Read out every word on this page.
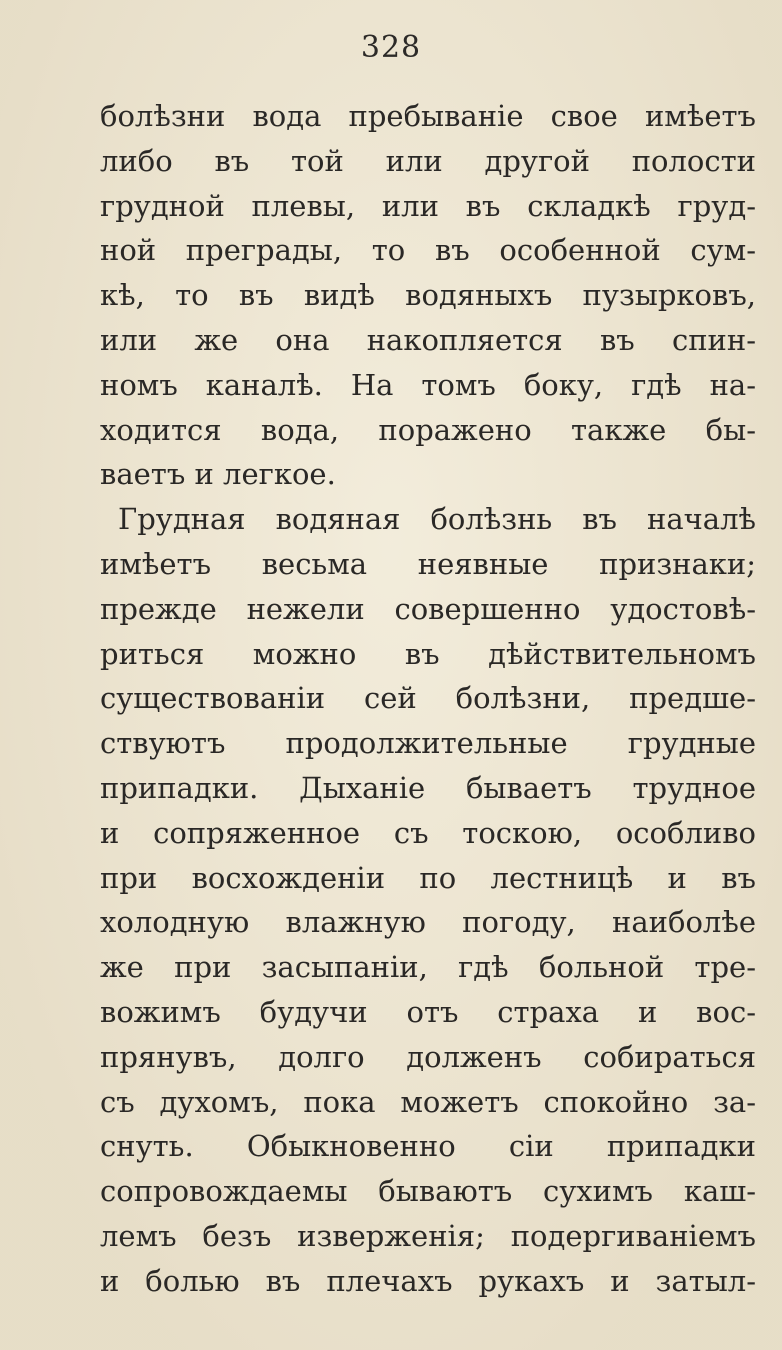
328
болѣзни вода пребыванiе свое имѣетъ
либо въ той или другой полости
грудной плевы, или въ складкѣ груд-
ной преграды, то въ особенной сум-
кѣ, то въ видѣ водяныхъ пузырковъ,
или же она накопляется въ спин-
номъ каналѣ. На томъ боку, гдѣ на-
ходится вода, поражено также бы-
ваетъ и легкое.
Грудная водяная болѣзнь въ началѣ
имѣетъ весьма неявные признаки;
прежде нежели совершенно удостовѣ-
риться можно въ дѣйствительномъ
существованiи сей болѣзни, предше-
ствуютъ продолжительные грудные
припадки. Дыханiе бываетъ трудное
и сопряженное съ тоскою, особливо
при восхожденiи по лестницѣ и въ
холодную влажную погоду, наиболѣе
же при засыпанiи, гдѣ больной тре-
вожимъ будучи отъ страха и вос-
прянувъ, долго долженъ собираться
съ духомъ, пока можетъ спокойно за-
снуть. Обыкновенно сiи припадки
сопровождаемы бываютъ сухимъ каш-
лемъ безъ изверженiя; подергиванiемъ
и болью въ плечахъ рукахъ и затыл-
